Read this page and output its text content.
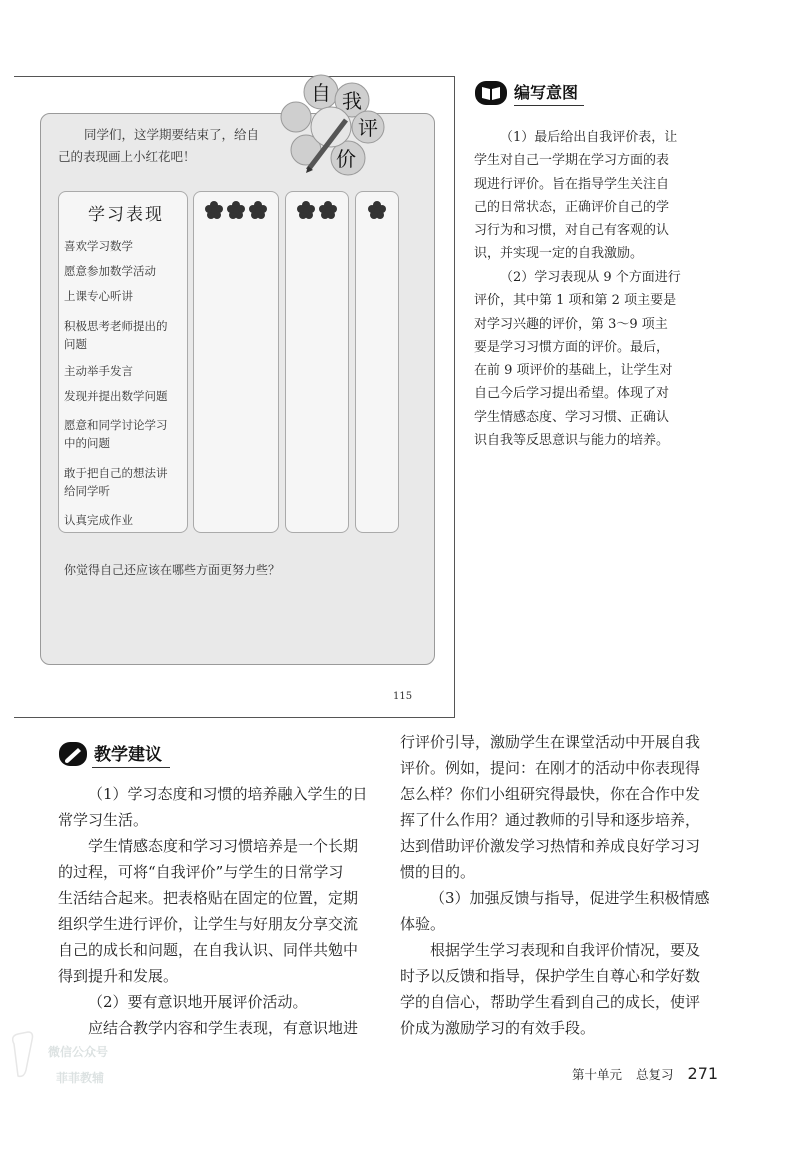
同学们，这学期要结束了，给自
己的表现画上小红花吧！
自 我
评
价
学习表现
喜欢学习数学
愿意参加数学活动
上课专心听讲
积极思考老师提出的
问题
主动举手发言
发现并提出数学问题
愿意和同学讨论学习
中的问题
敢于把自己的想法讲
给同学听
认真完成作业
你觉得自己还应该在哪些方面更努力些？
115
编写意图
（1）最后给出自我评价表，让
学生对自己一学期在学习方面的表
现进行评价。旨在指导学生关注自
己的日常状态，正确评价自己的学
习行为和习惯，对自己有客观的认
识，并实现一定的自我激励。
（2）学习表现从 9 个方面进行
评价，其中第 1 项和第 2 项主要是
对学习兴趣的评价，第 3～9 项主
要是学习习惯方面的评价。最后，
在前 9 项评价的基础上，让学生对
自己今后学习提出希望。体现了对
学生情感态度、学习习惯、正确认
识自我等反思意识与能力的培养。
教学建议
（1）学习态度和习惯的培养融入学生的日
常学习生活。
学生情感态度和学习习惯培养是一个长期
的过程，可将“自我评价”与学生的日常学习
生活结合起来。把表格贴在固定的位置，定期
组织学生进行评价，让学生与好朋友分享交流
自己的成长和问题，在自我认识、同伴共勉中
得到提升和发展。
（2）要有意识地开展评价活动。
应结合教学内容和学生表现，有意识地进
行评价引导，激励学生在课堂活动中开展自我
评价。例如，提问：在刚才的活动中你表现得
怎么样？你们小组研究得最快，你在合作中发
挥了什么作用？通过教师的引导和逐步培养，
达到借助评价激发学习热情和养成良好学习习
惯的目的。
（3）加强反馈与指导，促进学生积极情感
体验。
根据学生学习表现和自我评价情况，要及
时予以反馈和指导，保护学生自尊心和学好数
学的自信心，帮助学生看到自己的成长，使评
价成为激励学习的有效手段。
第十单元 总复习 271
微信公众号
菲菲教辅
